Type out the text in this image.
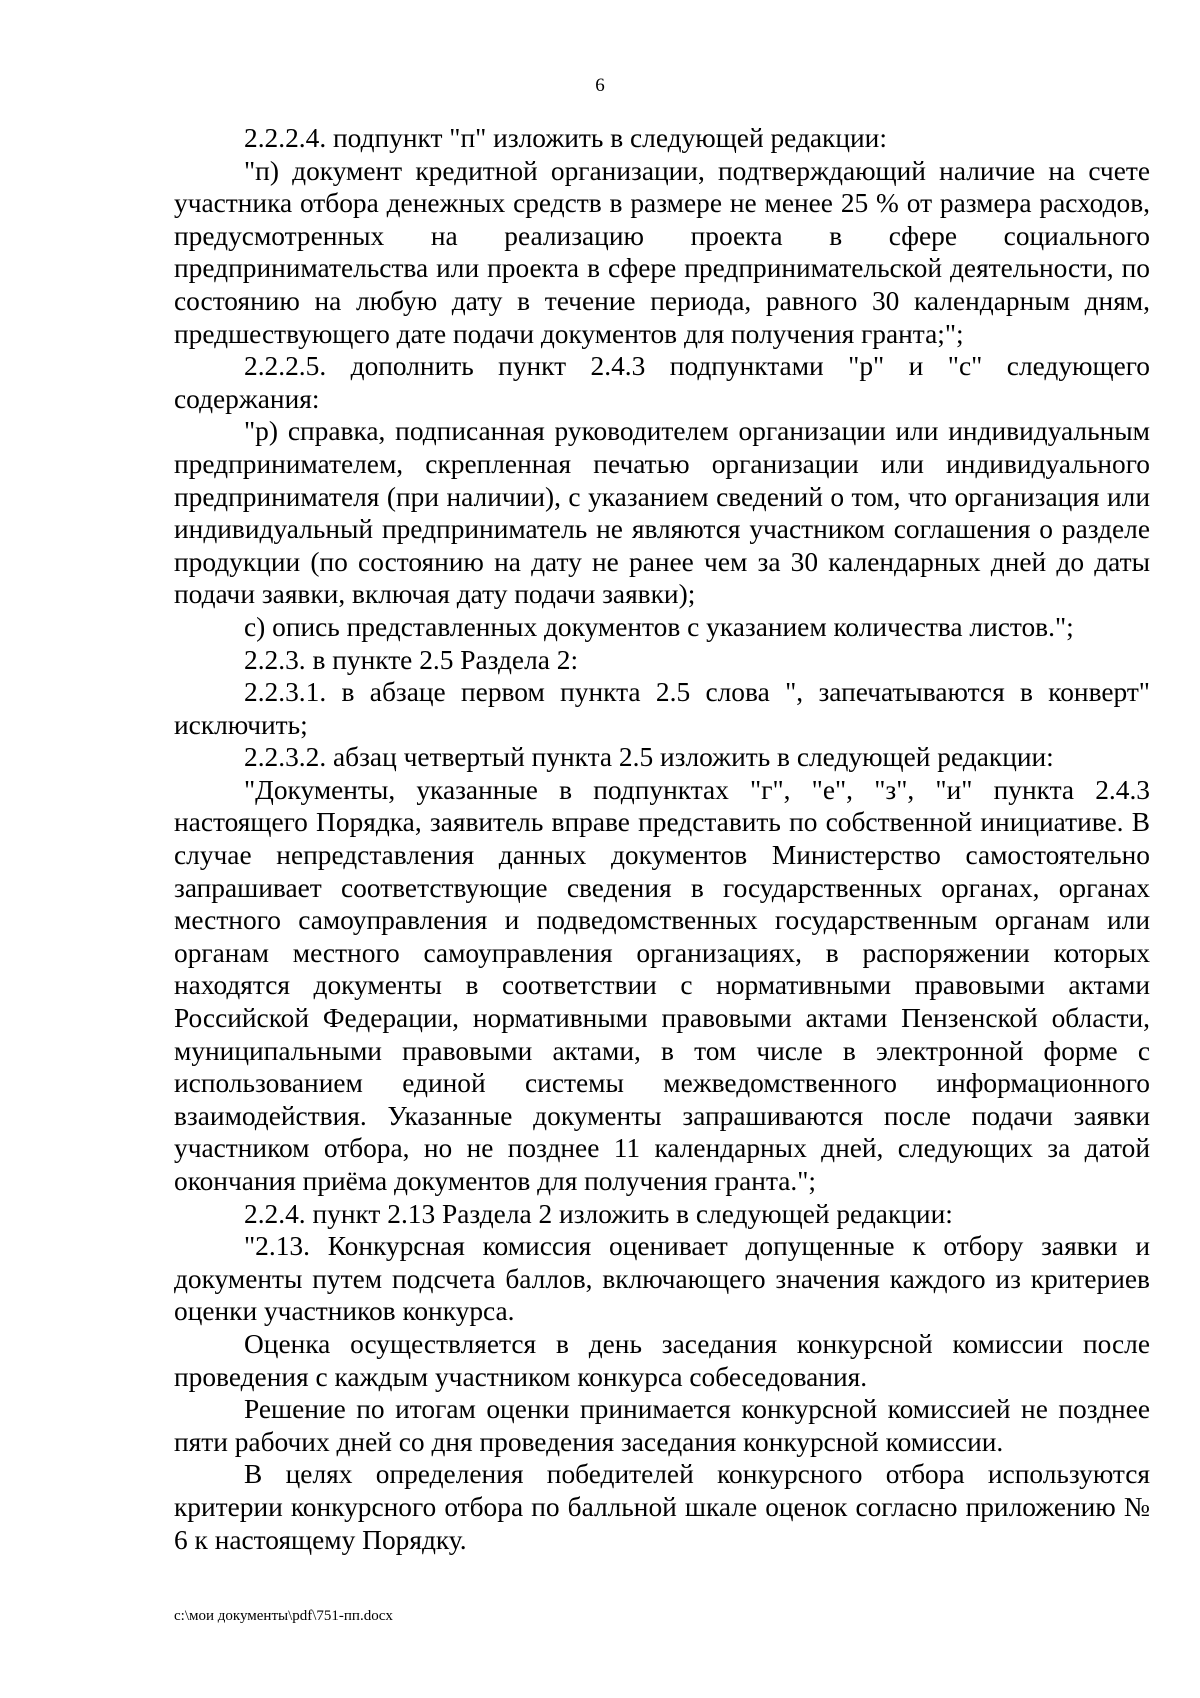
6

2.2.2.4. подпункт "п" изложить в следующей редакции:

"п) документ кредитной организации, подтверждающий наличие на счете участника отбора денежных средств в размере не менее 25 % от размера расходов, предусмотренных на реализацию проекта в сфере социального предпринимательства или проекта в сфере предпринимательской деятельности, по состоянию на любую дату в течение периода, равного 30 календарным дням, предшествующего дате подачи документов для получения гранта;";

2.2.2.5. дополнить пункт 2.4.3 подпунктами "р" и "с" следующего содержания:

"р) справка, подписанная руководителем организации или индивидуальным предпринимателем, скрепленная печатью организации или индивидуального предпринимателя (при наличии), с указанием сведений о том, что организация или индивидуальный предприниматель не являются участником соглашения о разделе продукции (по состоянию на дату не ранее чем за 30 календарных дней до даты подачи заявки, включая дату подачи заявки);

с) опись представленных документов с указанием количества листов.";

2.2.3. в пункте 2.5 Раздела 2:

2.2.3.1. в абзаце первом пункта 2.5 слова ", запечатываются в конверт" исключить;

2.2.3.2. абзац четвертый пункта 2.5 изложить в следующей редакции:

"Документы, указанные в подпунктах "г", "е", "з", "и" пункта 2.4.3 настоящего Порядка, заявитель вправе представить по собственной инициативе. В случае непредставления данных документов Министерство самостоятельно запрашивает соответствующие сведения в государственных органах, органах местного самоуправления и подведомственных государственным органам или органам местного самоуправления организациях, в распоряжении которых находятся документы в соответствии с нормативными правовыми актами Российской Федерации, нормативными правовыми актами Пензенской области, муниципальными правовыми актами, в том числе в электронной форме с использованием единой системы межведомственного информационного взаимодействия. Указанные документы запрашиваются после подачи заявки участником отбора, но не позднее 11 календарных дней, следующих за датой окончания приёма документов для получения гранта.";

2.2.4. пункт 2.13 Раздела 2 изложить в следующей редакции:

"2.13. Конкурсная комиссия оценивает допущенные к отбору заявки и документы путем подсчета баллов, включающего значения каждого из критериев оценки участников конкурса.

Оценка осуществляется в день заседания конкурсной комиссии после проведения с каждым участником конкурса собеседования.

Решение по итогам оценки принимается конкурсной комиссией не позднее пяти рабочих дней со дня проведения заседания конкурсной комиссии.

В целях определения победителей конкурсного отбора используются критерии конкурсного отбора по балльной шкале оценок согласно приложению № 6 к настоящему Порядку.

c:\мои документы\pdf\751-пп.docx
